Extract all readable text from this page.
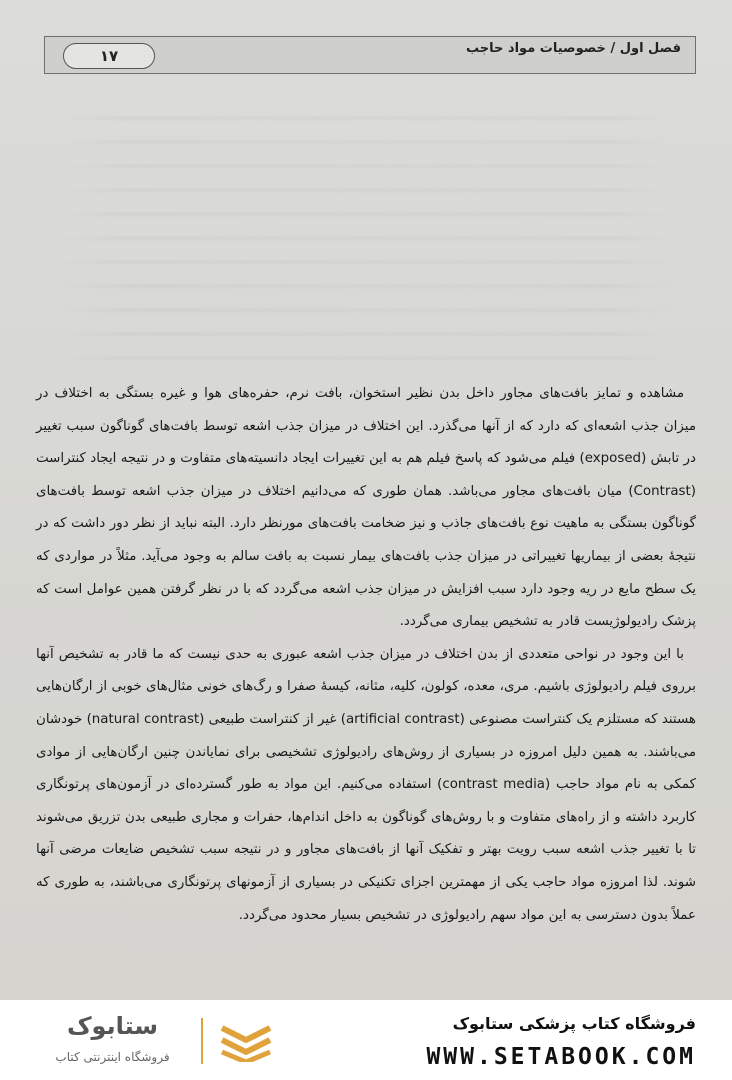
۱۷	فصل اول / خصوصیات مواد حاجب

مشاهده و تمایز بافت‌های مجاور داخل بدن نظیر استخوان، بافت نرم، حفره‌های هوا و غیره بستگی به اختلاف در میزان جذب اشعه‌ای که دارد که از آنها می‌گذرد. این اختلاف در میزان جذب اشعه توسط بافت‌های گوناگون سبب تغییر در تابش (exposed) فیلم می‌شود که پاسخ فیلم هم به این تغییرات ایجاد دانسیته‌های متفاوت و در نتیجه ایجاد کنتراست (Contrast) میان بافت‌های مجاور می‌باشد. همان طوری که می‌دانیم اختلاف در میزان جذب اشعه توسط بافت‌های گوناگون بستگی به ماهیت نوع بافت‌های جاذب و نیز ضخامت بافت‌های مورنظر دارد. البته نباید از نظر دور داشت که در نتیجهٔ بعضی از بیماریها تغییراتی در میزان جذب بافت‌های بیمار نسبت به بافت سالم به وجود می‌آید. مثلاً در مواردی که یک سطح مایع در ریه وجود دارد سبب افزایش در میزان جذب اشعه می‌گردد که با در نظر گرفتن همین عوامل است که پزشک رادیولوژیست قادر به تشخیص بیماری می‌گردد.

با این وجود در نواحی متعددی از بدن اختلاف در میزان جذب اشعه عبوری به حدی نیست که ما قادر به تشخیص آنها برروی فیلم رادیولوژی باشیم. مری، معده، کولون، کلیه، مثانه، کیسهٔ صفرا و رگ‌های خونی مثال‌های خوبی از ارگان‌هایی هستند که مستلزم یک کنتراست مصنوعی (artificial contrast) غیر از کنتراست طبیعی (natural contrast) خودشان می‌باشند. به همین دلیل امروزه در بسیاری از روش‌های رادیولوژی تشخیصی برای نمایاندن چنین ارگان‌هایی از موادی کمکی به نام مواد حاجب (contrast media) استفاده می‌کنیم. این مواد به طور گسترده‌ای در آزمون‌های پرتونگاری کاربرد داشته و از راه‌های متفاوت و با روش‌های گوناگون به داخل اندام‌ها، حفرات و مجاری طبیعی بدن تزریق می‌شوند تا با تغییر جذب اشعه سبب رویت بهتر و تفکیک آنها از بافت‌های مجاور و در نتیجه سبب تشخیص ضایعات مرضی آنها شوند. لذا امروزه مواد حاجب یکی از مهمترین اجزای تکنیکی در بسیاری از آزمونهای پرتونگاری می‌باشند، به طوری که عملاً بدون دسترسی به این مواد سهم رادیولوژی در تشخیص بسیار محدود می‌گردد.

ستابوک
فروشگاه اینترنتی کتاب
فروشگاه کتاب پزشکی ستابوک
WWW.SETABOOK.COM
